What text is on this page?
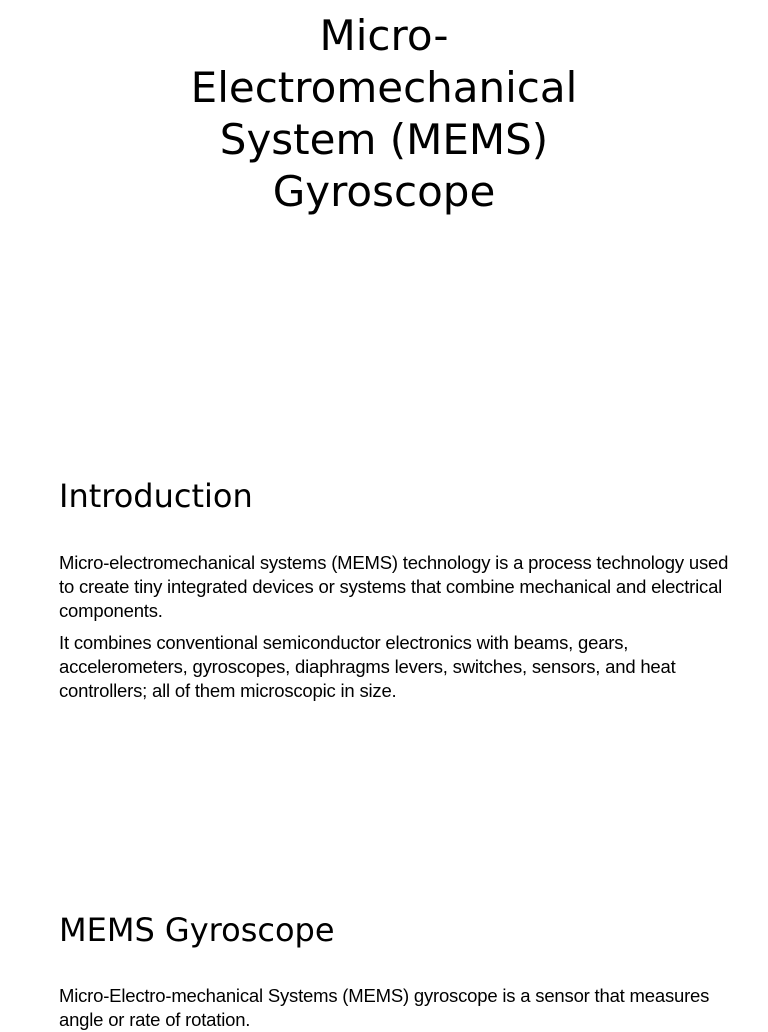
Micro-
Electromechanical
System (MEMS)
Gyroscope
Introduction

Micro-electromechanical systems (MEMS) technology is a process technology used to create tiny integrated devices or systems that combine mechanical and electrical components.

It combines conventional semiconductor electronics with beams, gears, accelerometers, gyroscopes, diaphragms levers, switches, sensors, and heat controllers; all of them microscopic in size.

MEMS Gyroscope

Micro-Electro-mechanical Systems (MEMS) gyroscope is a sensor that measures angle or rate of rotation.
